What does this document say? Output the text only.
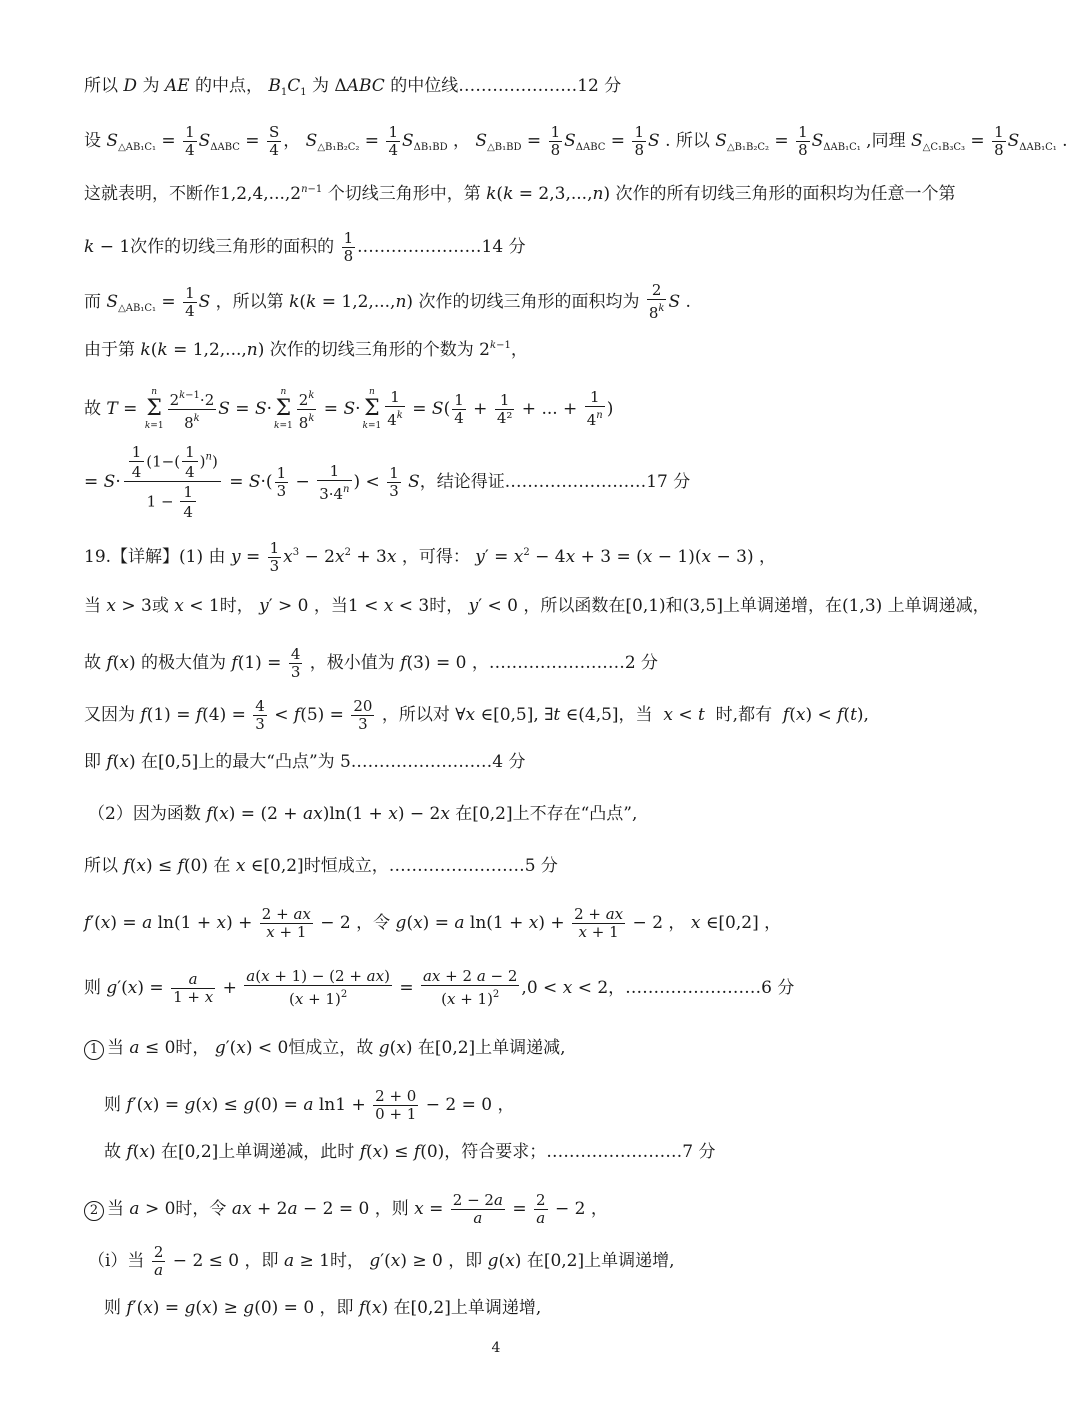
所以 D 为 AE 的中点， $B_1C_1$ 为 ΔABC 的中位线…………………12 分
设 $S_{\triangle AB_1C_1} = \frac{1}{4} S_{\Delta ABC} = \frac{S}{4}$ ， $S_{\triangle B_1B_2C_2} = \frac{1}{4} S_{\Delta B_1BD}$ ， $S_{\triangle B_1BD} = \frac{1}{8} S_{\Delta ABC} = \frac{1}{8}$ S . 所以 $S_{\triangle B_1B_2C_2} = \frac{1}{8} S_{\Delta AB_1C_1}$ ,同理 $S_{\triangle C_1B_3C_3} = \frac{1}{8} S_{\Delta AB_1C_1}$ .
这就表明，不断作$1,2,4,...,2^{n-1}$ 个切线三角形中，第 k(k = 2,3,...,n) 次作的所有切线三角形的面积均为任意一个第
k − 1次作的切线三角形的面积的 $\frac{1}{8}$ .…………………14 分
而 $S_{\triangle AB_1C_1} = \frac{1}{4}$ S ，所以第 k(k = 1,2,...,n) 次作的切线三角形的面积均为 $\frac{2}{8^k}$ S .
由于第 k(k = 1,2,...,n) 次作的切线三角形的个数为 $2^{k-1}$，
故 T =
n
Σ
$k=1 \frac{2^{k-1}\cdot 2}{8^k}$ S = S·
n
Σ
$k=1 \frac{2^k}{8^k} = S\cdot$
n
Σ
$k=1 \frac{1}{4^k} = S( \frac{1}{4} + \frac{1}{\text{4²}}$ + ... + $\frac{1}{4^n}$ )
= $S\cdot \frac{\frac{1}{4} (1-( \frac{1}{4} )^n)}{1 - \frac{1}{4}} = S\cdot( \frac{1}{3} - \frac{1}{3\cdot 4^n}$ ) < $\frac{1}{3}$ S，结论得证.……………………17 分
19.【详解】(1) 由 $y = \frac{1}{3} x^3 - 2x^2 + 3x$ ，可得： $y' = x^2 - 4x + 3 = (x - 1)(x - 3)$ ，
当 x > 3或 x < 1时， y′ > 0 ，当1 < x < 3时， y′ < 0 ，所以函数在[0,1)和(3,5]上单调递增，在(1,3) 上单调递减，
故 f(x) 的极大值为 $f(1) = \frac{4}{3}$ ，极小值为 f(3) = 0 ，……………………2 分
又因为 $f(1) = f(4) = \frac{4}{3} < f(5) = \frac{20}{3}$ ，所以对 ∀x ∈[0,5], ∃t ∈(4,5]，当  x < t  时,都有  f(x) < f(t),
即 f(x) 在[0,5]上的最大“凸点”为 5.……………………4 分
（2）因为函数 f(x) = (2 + ax)ln(1 + x) − 2x 在[0,2]上不存在“凸点”,
所以 f(x) ≤ f(0) 在 x ∈[0,2]时恒成立，……………………5 分
f′(x) = a $\ln(1 + x) + \frac{2 + ax}{x + 1} - 2$ ，令 g(x) = a $\ln(1 + x) + \frac{2 + ax}{x + 1} - 2$ ， x ∈[0,2] ，
则 $g'(x) = \frac{a}{1 + x} + \frac{a(x + 1) - (2 + ax)}{(x + 1)^2} = \frac{ax + 2 a - 2}{(x + 1)^2} ,0 < x < 2$，……………………6 分
1 当 a ≤ 0时， g′(x) < 0恒成立，故 g(x) 在[0,2]上单调递减,
则 f′(x) = g(x) ≤ g(0) = a $\ln 1 + \frac{2 + 0}{0 + 1} - 2 = 0$ ，
故 f(x) 在[0,2]上单调递减，此时 f(x) ≤ f(0)，符合要求；……………………7 分
2 当 a > 0时，令 ax + 2a − 2 = 0 ，则 $x = \frac{2 - 2a}{a} = \frac{2}{a} - 2$ ，
（i）当 $\frac{2}{a} - 2 \le 0$ ，即 a ≥ 1时， g′(x) ≥ 0 ，即 g(x) 在[0,2]上单调递增,
则 f′(x) = g(x) ≥ g(0) = 0 ，即 f(x) 在[0,2]上单调递增,
4
